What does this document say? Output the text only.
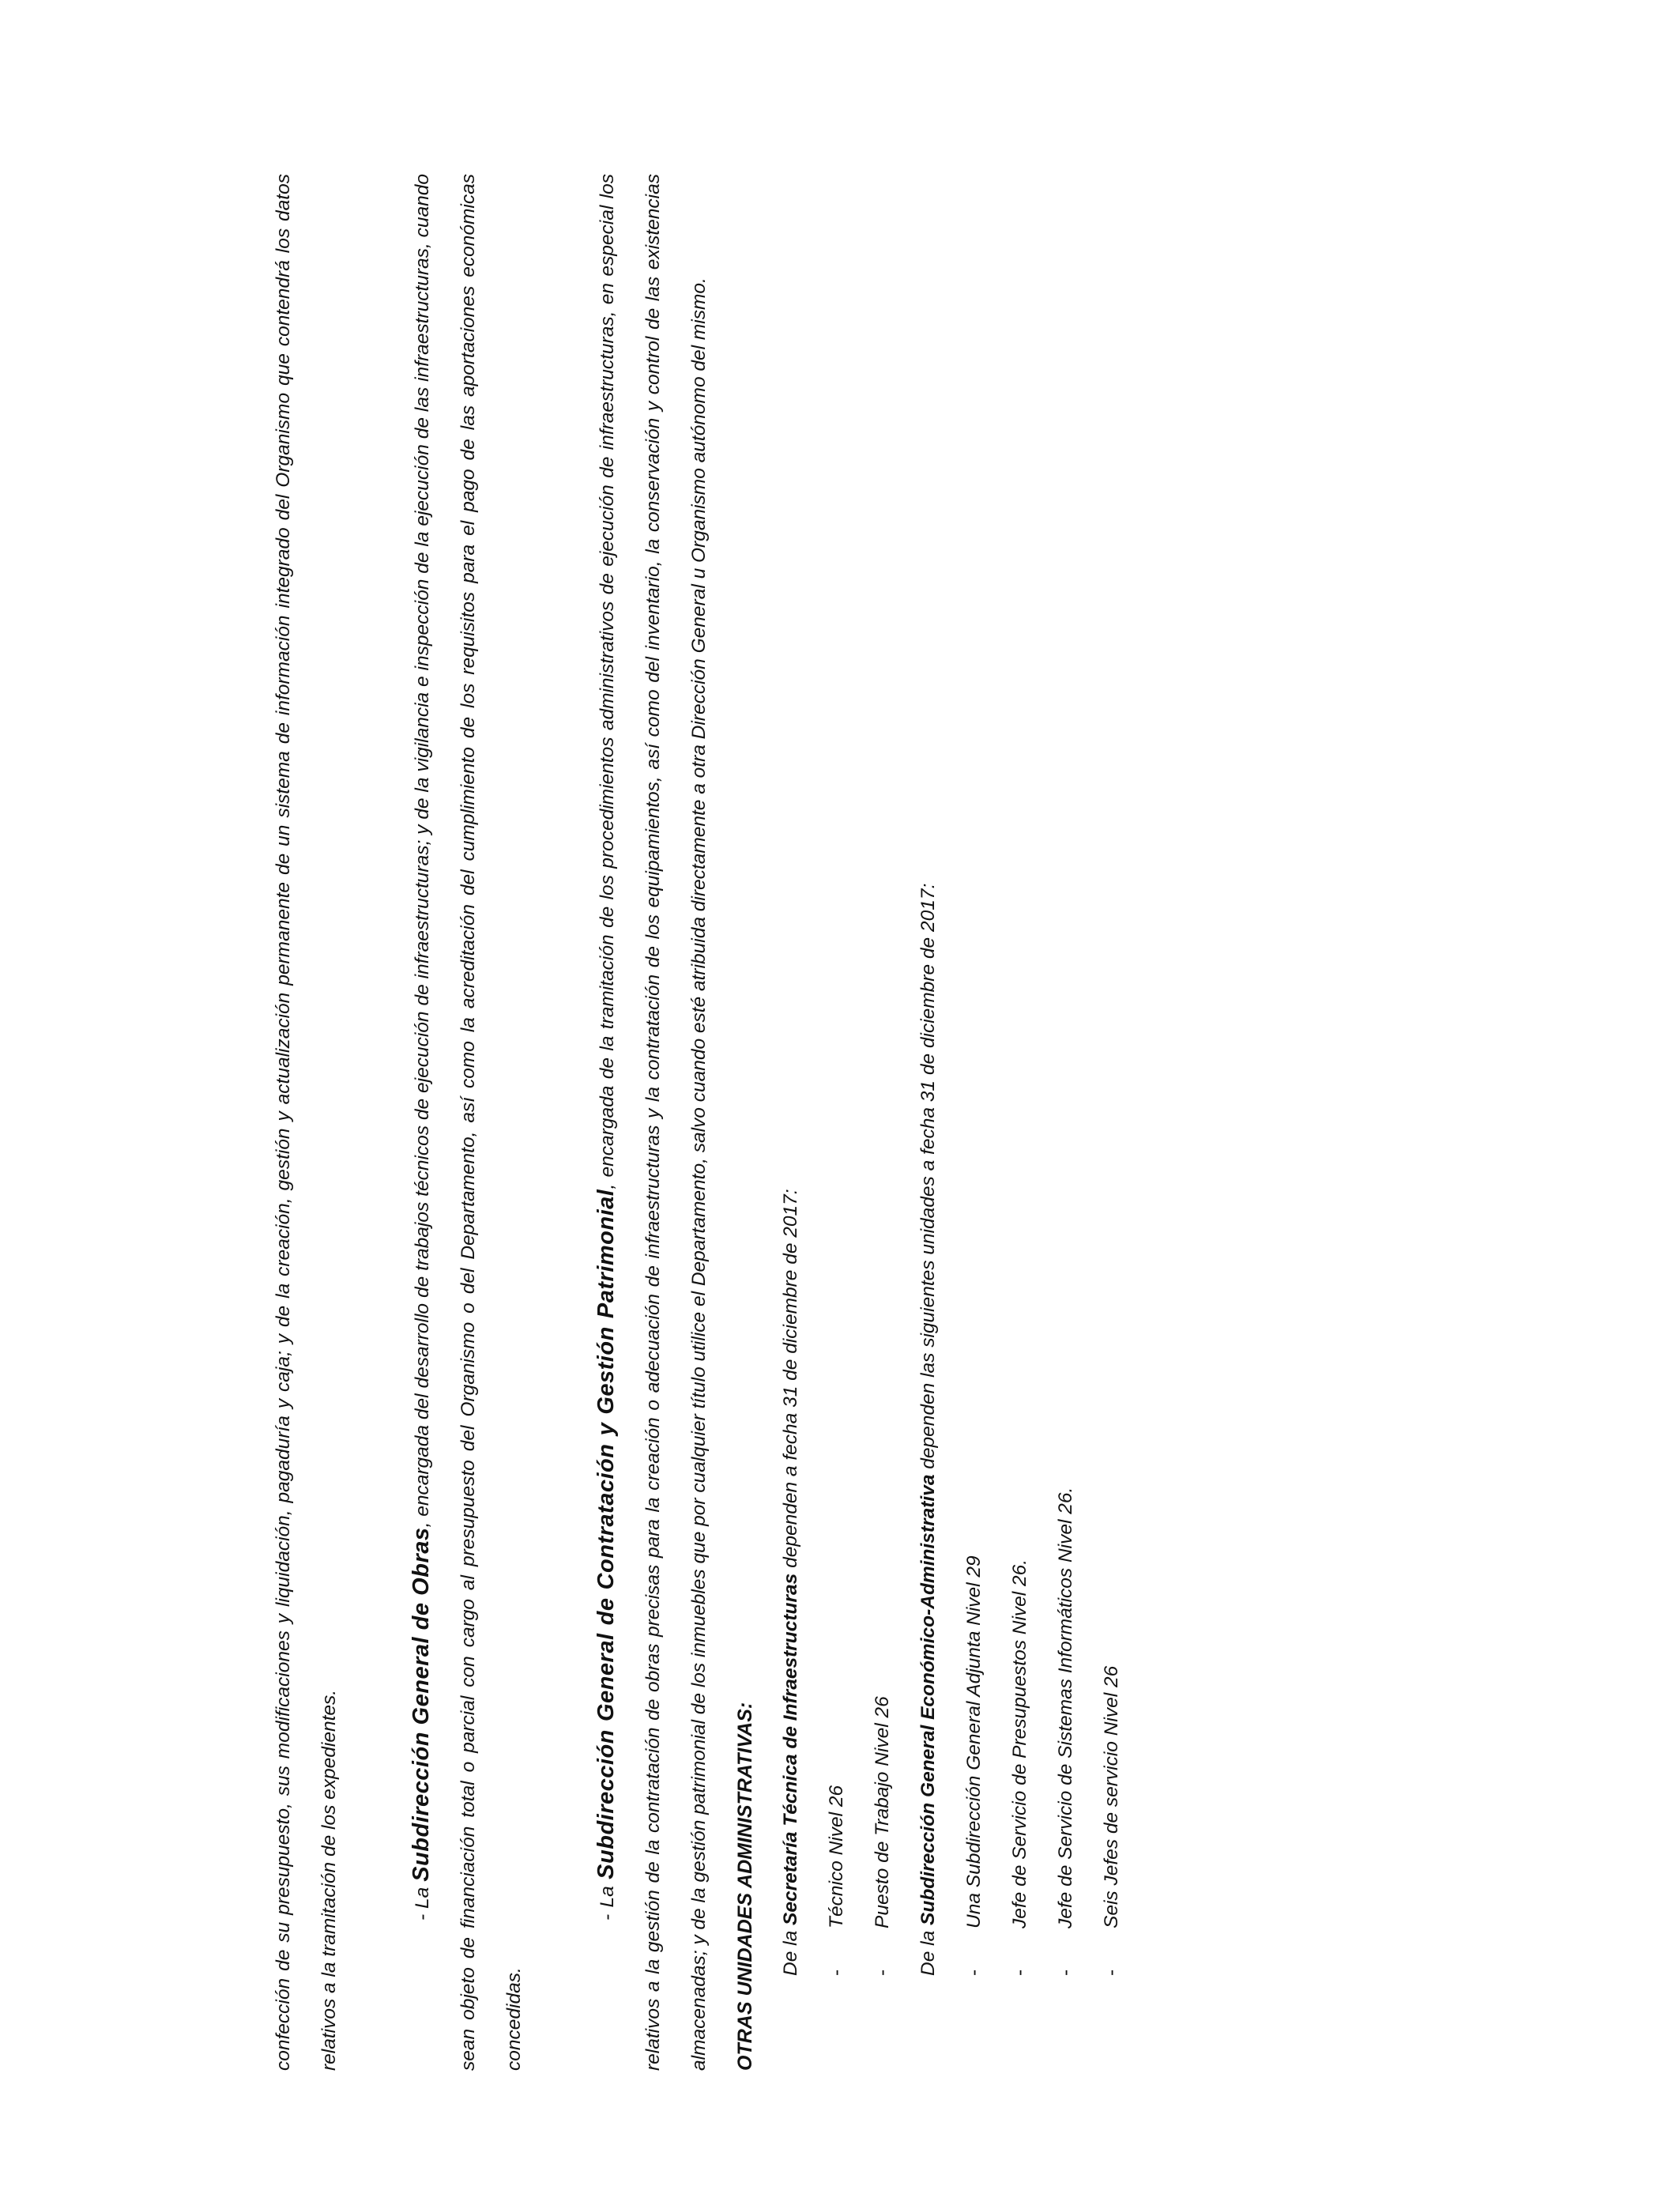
confección de su presupuesto, sus modificaciones y liquidación, pagaduría y caja; y de la creación, gestión y actualización permanente de un sistema de información integrado del Organismo que contendrá los datos relativos a la tramitación de los expedientes.	- La Subdirección General de Obras, encargada del desarrollo de trabajos técnicos de ejecución de infraestructuras; y de la vigilancia e inspección de la ejecución de las infraestructuras, cuando sean objeto de financiación total o parcial con cargo al presupuesto del Organismo o del Departamento, así como la acreditación del cumplimiento de los requisitos para el pago de las aportaciones económicas concedidas.

- La Subdirección General de Contratación y Gestión Patrimonial, encargada de la tramitación de los procedimientos administrativos de ejecución de infraestructuras, en especial los relativos a la gestión de la contratación de obras precisas para la creación o adecuación de infraestructuras y la contratación de los equipamientos, así como del inventario, la conservación y control de las existencias almacenadas; y de la gestión patrimonial de los inmuebles que por cualquier título utilice el Departamento, salvo cuando esté atribuida directamente a otra Dirección General u Organismo autónomo del mismo.	OTRAS UNIDADES ADMINISTRATIVAS:	De la Secretaría Técnica de Infraestructuras dependen a fecha 31 de diciembre de 2017:

-
Técnico Nivel 26
-
Puesto de Trabajo Nivel 26

De la Subdirección General Económico-Administrativa dependen las siguientes unidades a fecha 31 de diciembre de 2017:

-
Una Subdirección General Adjunta Nivel 29
-
Jefe de Servicio de Presupuestos Nivel 26.
-
Jefe de Servicio de Sistemas Informáticos Nivel 26.
-
Seis Jefes de servicio Nivel 26
